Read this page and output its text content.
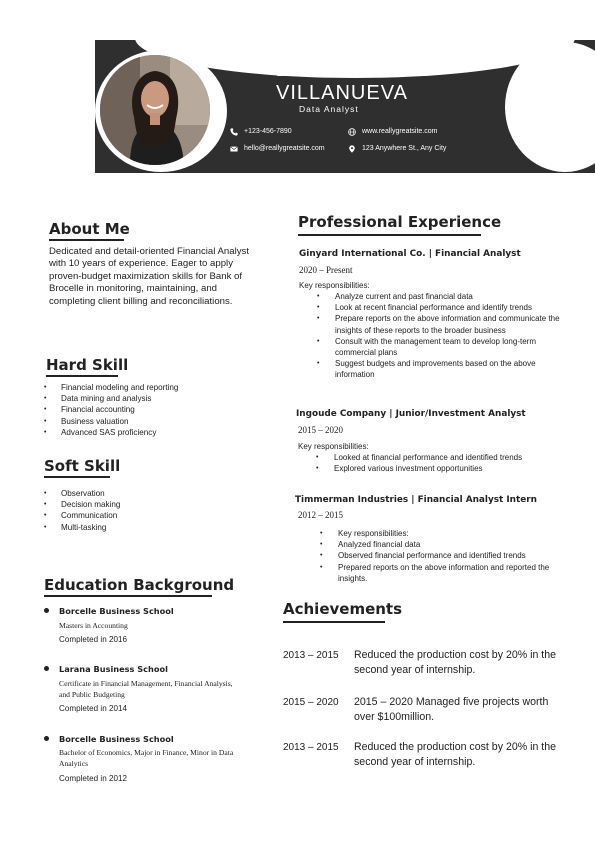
KORINA
VILLANUEVA
Data Analyst
+123-456-7890	www.reallygreatsite.com
hello@reallygreatsite.com	123 Anywhere St., Any City
About Me
Dedicated and detail-oriented Financial Analyst with 10 years of experience. Eager to apply proven-budget maximization skills for Bank of Brocelle in monitoring, maintaining, and completing client billing and reconciliations.
Hard Skill
• Financial modeling and reporting
• Data mining and analysis
• Financial accounting
• Business valuation
• Advanced SAS proficiency
Soft Skill
• Observation
• Decision making
• Communication
• Multi-tasking
Education Background
Borcelle Business School
Masters in Accounting
Completed in 2016
Larana Business School
Certificate in Financial Management, Financial Analysis, and Public Budgeting
Completed in 2014
Borcelle Business School
Bachelor of Economics, Major in Finance, Minor in Data Analytics
Completed in 2012
Professional Experience
Ginyard International Co. | Financial Analyst
2020 – Present
Key responsibilities:
• Analyze current and past financial data
• Look at recent financial performance and identify trends
• Prepare reports on the above information and communicate the insights of these reports to the broader business
• Consult with the management team to develop long-term commercial plans
• Suggest budgets and improvements based on the above information
Ingoude Company | Junior/Investment Analyst
2015 – 2020
Key responsibilities:
• Looked at financial performance and identified trends
• Explored various investment opportunities
Timmerman Industries | Financial Analyst Intern
2012 – 2015
• Key responsibilities:
• Analyzed financial data
• Observed financial performance and identified trends
• Prepared reports on the above information and reported the insights.
Achievements
2013 – 2015 Reduced the production cost by 20% in the second year of internship.
2015 – 2020 2015 – 2020 Managed five projects worth over $100million.
2013 – 2015 Reduced the production cost by 20% in the second year of internship.
